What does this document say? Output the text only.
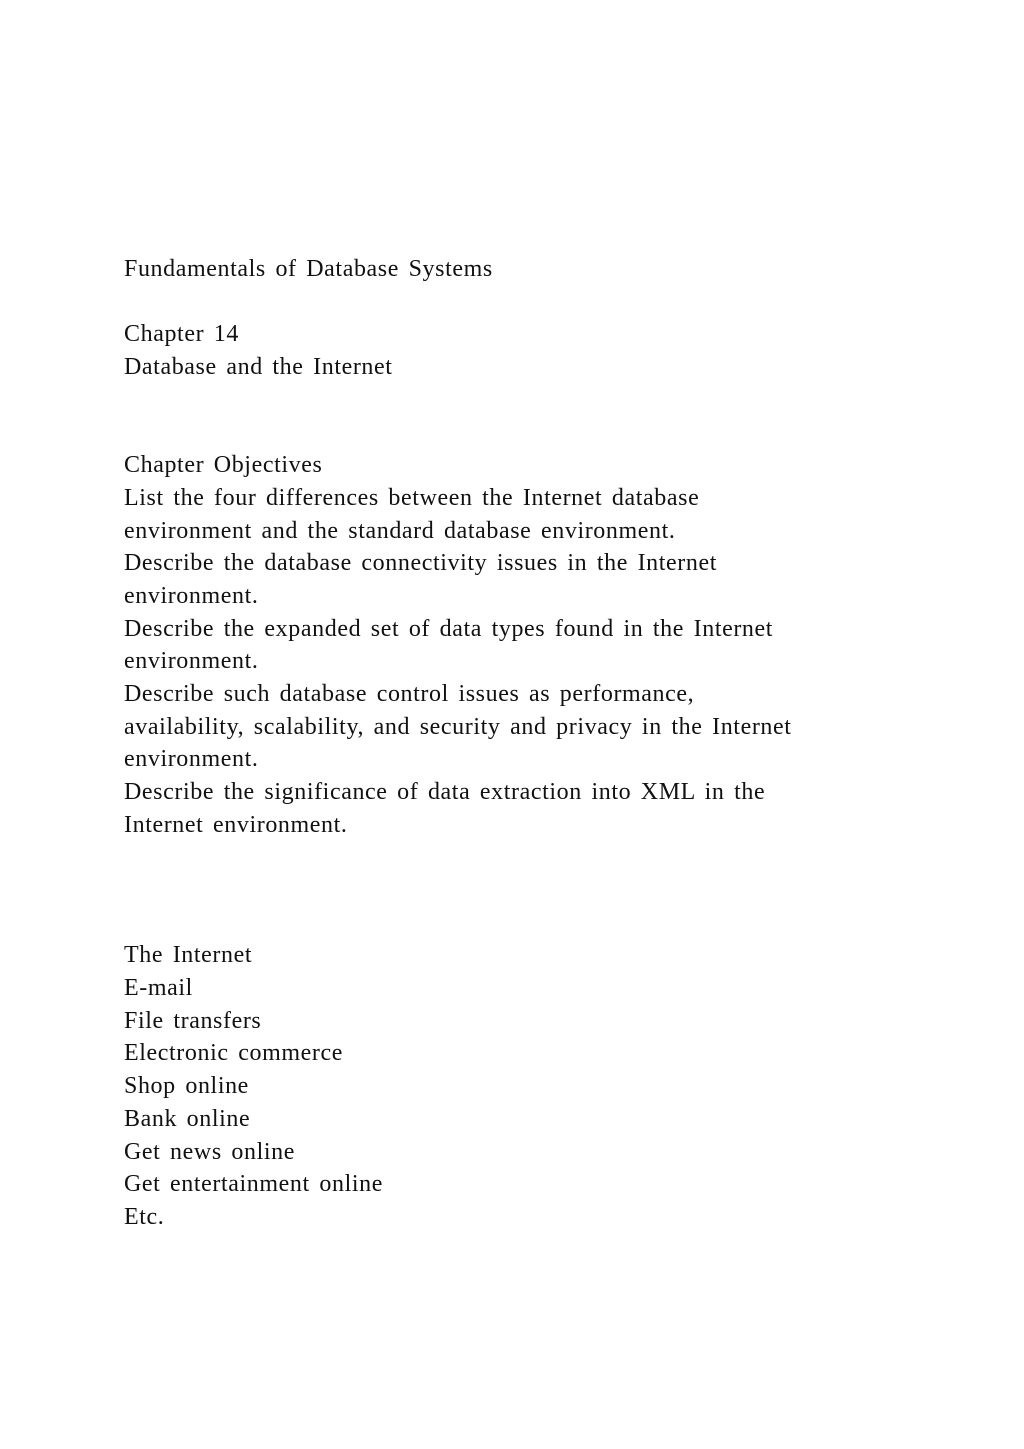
Fundamentals of Database Systems
Chapter 14
Database and the Internet
Chapter Objectives
List the four differences between the Internet database
environment and the standard database environment.
Describe the database connectivity issues in the Internet
environment.
Describe the expanded set of data types found in the Internet
environment.
Describe such database control issues as performance,
availability, scalability, and security and privacy in the Internet
environment.
Describe the significance of data extraction into XML in the
Internet environment.
The Internet
E-mail
File transfers
Electronic commerce
Shop online
Bank online
Get news online
Get entertainment online
Etc.
